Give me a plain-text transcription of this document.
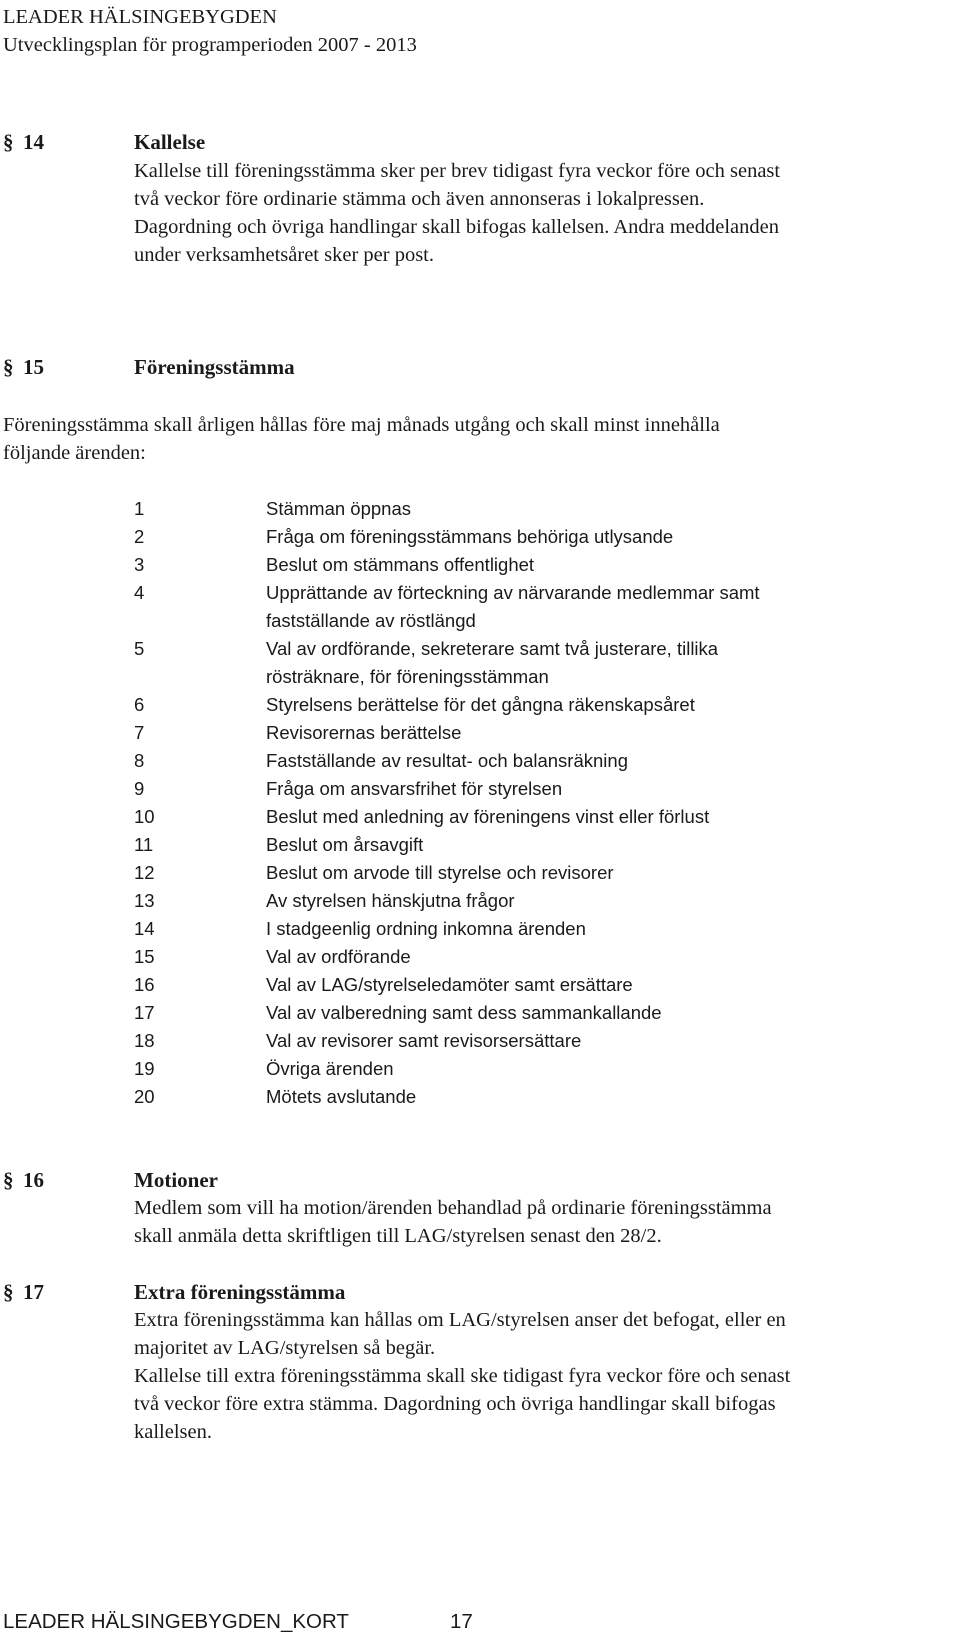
LEADER HÄLSINGEBYGDEN
Utvecklingsplan för programperioden 2007 - 2013
§ 14	Kallelse
Kallelse till föreningsstämma sker per brev tidigast fyra veckor före och senast
två veckor före ordinarie stämma och även annonseras i lokalpressen.
Dagordning och övriga handlingar skall bifogas kallelsen. Andra meddelanden
under verksamhetsåret sker per post.
§ 15	Föreningsstämma
Föreningsstämma skall årligen hållas före maj månads utgång och skall minst innehålla
följande ärenden:
1	Stämman öppnas
2	Fråga om föreningsstämmans behöriga utlysande
3	Beslut om stämmans offentlighet
4	Upprättande av förteckning av närvarande medlemmar samt
fastställande av röstlängd
5	Val av ordförande, sekreterare samt två justerare, tillika
rösträknare, för föreningsstämman
6	Styrelsens berättelse för det gångna räkenskapsåret
7	Revisorernas berättelse
8	Fastställande av resultat- och balansräkning
9	Fråga om ansvarsfrihet för styrelsen
10	Beslut med anledning av föreningens vinst eller förlust
11	Beslut om årsavgift
12	Beslut om arvode till styrelse och revisorer
13	Av styrelsen hänskjutna frågor
14	I stadgeenlig ordning inkomna ärenden
15	Val av ordförande
16	Val av LAG/styrelseledamöter samt ersättare
17	Val av valberedning samt dess sammankallande
18	Val av revisorer samt revisorsersättare
19	Övriga ärenden
20	Mötets avslutande
§ 16	Motioner
Medlem som vill ha motion/ärenden behandlad på ordinarie föreningsstämma
skall anmäla detta skriftligen till LAG/styrelsen senast den 28/2.
§ 17	Extra föreningsstämma
Extra föreningsstämma kan hållas om LAG/styrelsen anser det befogat, eller en
majoritet av LAG/styrelsen så begär.
Kallelse till extra föreningsstämma skall ske tidigast fyra veckor före och senast
två veckor före extra stämma. Dagordning och övriga handlingar skall bifogas
kallelsen.
LEADER HÄLSINGEBYGDEN_KORT	17
